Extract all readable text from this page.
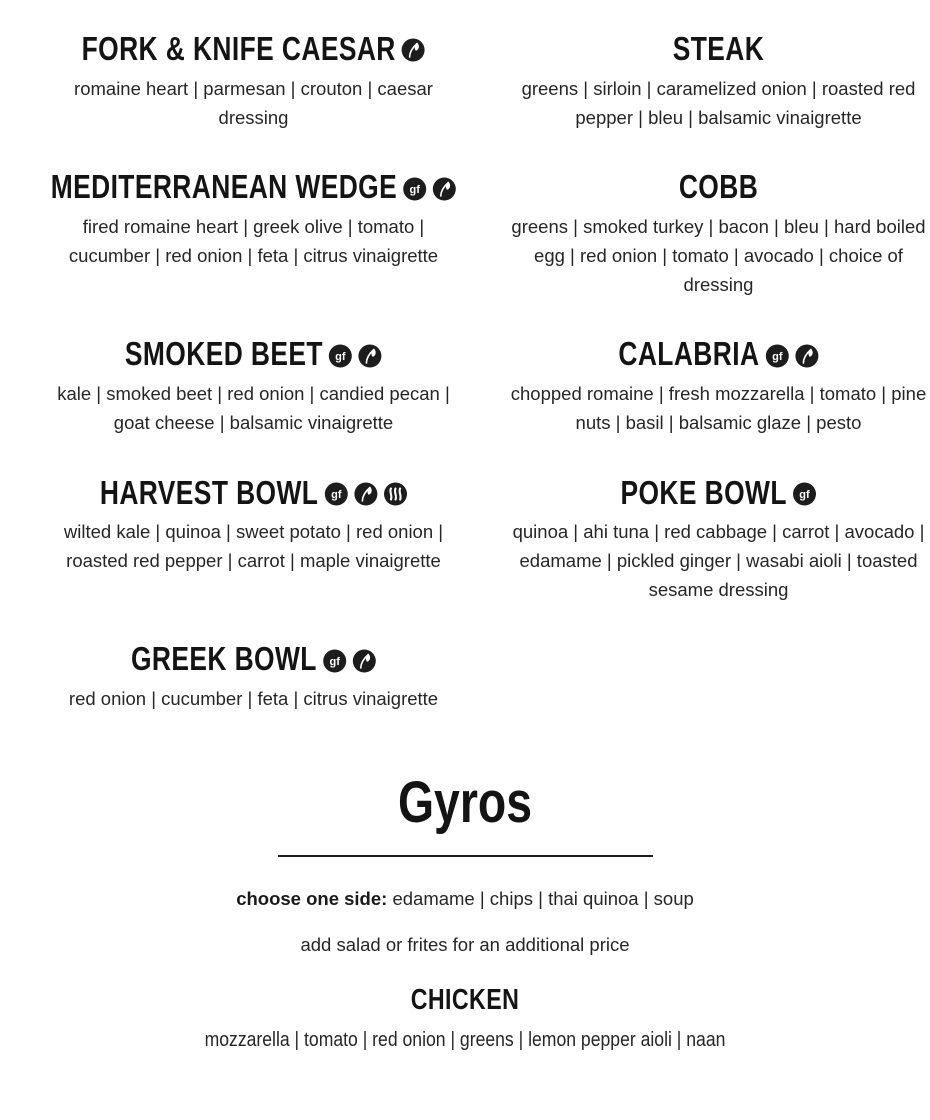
FORK & KNIFE CAESAR
romaine heart | parmesan | crouton | caesar dressing
STEAK
greens | sirloin | caramelized onion | roasted red pepper | bleu | balsamic vinaigrette
MEDITERRANEAN WEDGE
fired romaine heart | greek olive | tomato | cucumber | red onion | feta | citrus vinaigrette
COBB
greens | smoked turkey | bacon | bleu | hard boiled egg | red onion | tomato | avocado | choice of dressing
SMOKED BEET
kale | smoked beet | red onion | candied pecan | goat cheese | balsamic vinaigrette
CALABRIA
chopped romaine | fresh mozzarella | tomato | pine nuts | basil | balsamic glaze | pesto
HARVEST BOWL
wilted kale | quinoa | sweet potato | red onion | roasted red pepper | carrot | maple vinaigrette
POKE BOWL
quinoa | ahi tuna | red cabbage | carrot | avocado | edamame | pickled ginger | wasabi aioli | toasted sesame dressing
GREEK BOWL
red onion | cucumber | feta | citrus vinaigrette
Gyros
choose one side: edamame | chips | thai quinoa | soup
add salad or frites for an additional price
CHICKEN
mozzarella | tomato | red onion | greens | lemon pepper aioli | naan
